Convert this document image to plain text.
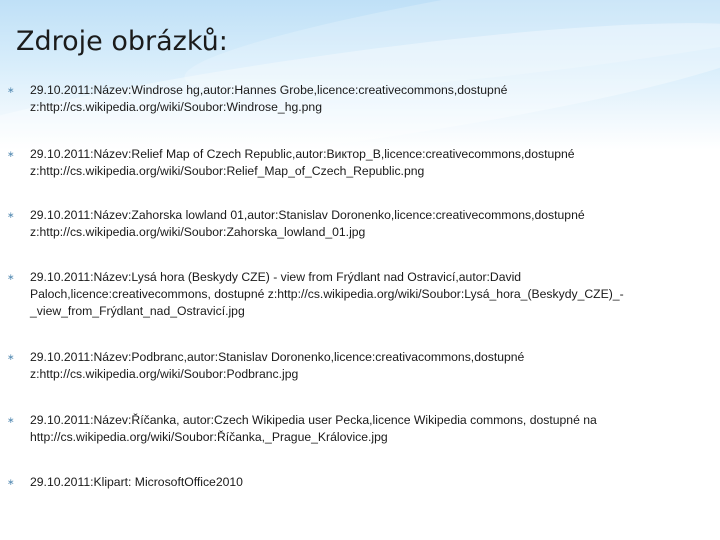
Zdroje obrázků:
∗ 29.10.2011:Název:Windrose hg,autor:Hannes Grobe,licence:creativecommons,dostupné z:http://cs.wikipedia.org/wiki/Soubor:Windrose_hg.png
∗ 29.10.2011:Název:Relief Map of Czech Republic,autor:Виктор_В,licence:creativecommons,dostupné z:http://cs.wikipedia.org/wiki/Soubor:Relief_Map_of_Czech_Republic.png
∗ 29.10.2011:Název:Zahorska lowland 01,autor:Stanislav Doronenko,licence:creativecommons,dostupné z:http://cs.wikipedia.org/wiki/Soubor:Zahorska_lowland_01.jpg
∗ 29.10.2011:Název:Lysá hora (Beskydy CZE) - view from Frýdlant nad Ostravicí,autor:David Paloch,licence:creativecommons, dostupné z:http://cs.wikipedia.org/wiki/Soubor:Lysá_hora_(Beskydy_CZE)_-_view_from_Frýdlant_nad_Ostravicí.jpg
∗ 29.10.2011:Název:Podbranc,autor:Stanislav Doronenko,licence:creativacommons,dostupné z:http://cs.wikipedia.org/wiki/Soubor:Podbranc.jpg
∗ 29.10.2011:Název:Říčanka, autor:Czech Wikipedia user Pecka,licence Wikipedia commons, dostupné na http://cs.wikipedia.org/wiki/Soubor:Říčanka,_Prague_Královice.jpg
∗ 29.10.2011:Klipart: MicrosoftOffice2010
